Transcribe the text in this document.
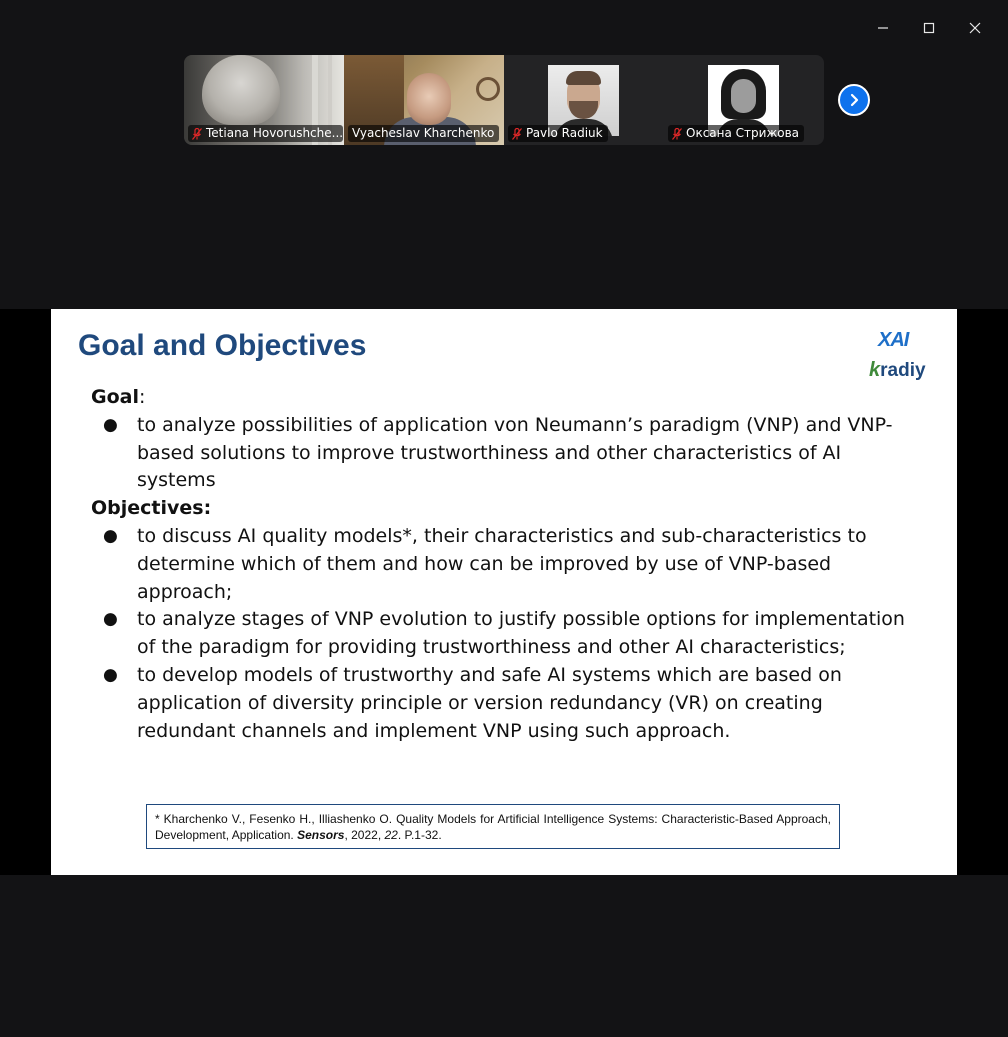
Tetiana Hovorushche... Vyacheslav Kharchenko	Pavlo Radiuk	Оксана Стрижова
Goal and Objectives	XAI
k radiy
Goal:
● to analyze possibilities of application von Neumann’s paradigm (VNP) and VNP-based solutions to improve trustworthiness and other characteristics of AI systems
Objectives:
● to discuss AI quality models*, their characteristics and sub-characteristics to determine which of them and how can be improved by use of VNP-based approach;
● to analyze stages of VNP evolution to justify possible options for implementation of the paradigm for providing trustworthiness and other AI characteristics;
● to develop models of trustworthy and safe AI systems which are based on application of diversity principle or version redundancy (VR) on creating redundant channels and implement VNP using such approach.
* Kharchenko V., Fesenko H., Illiashenko O. Quality Models for Artificial Intelligence Systems: Characteristic-Based Approach, Development, Application. Sensors, 2022, 22. P.1-32.
